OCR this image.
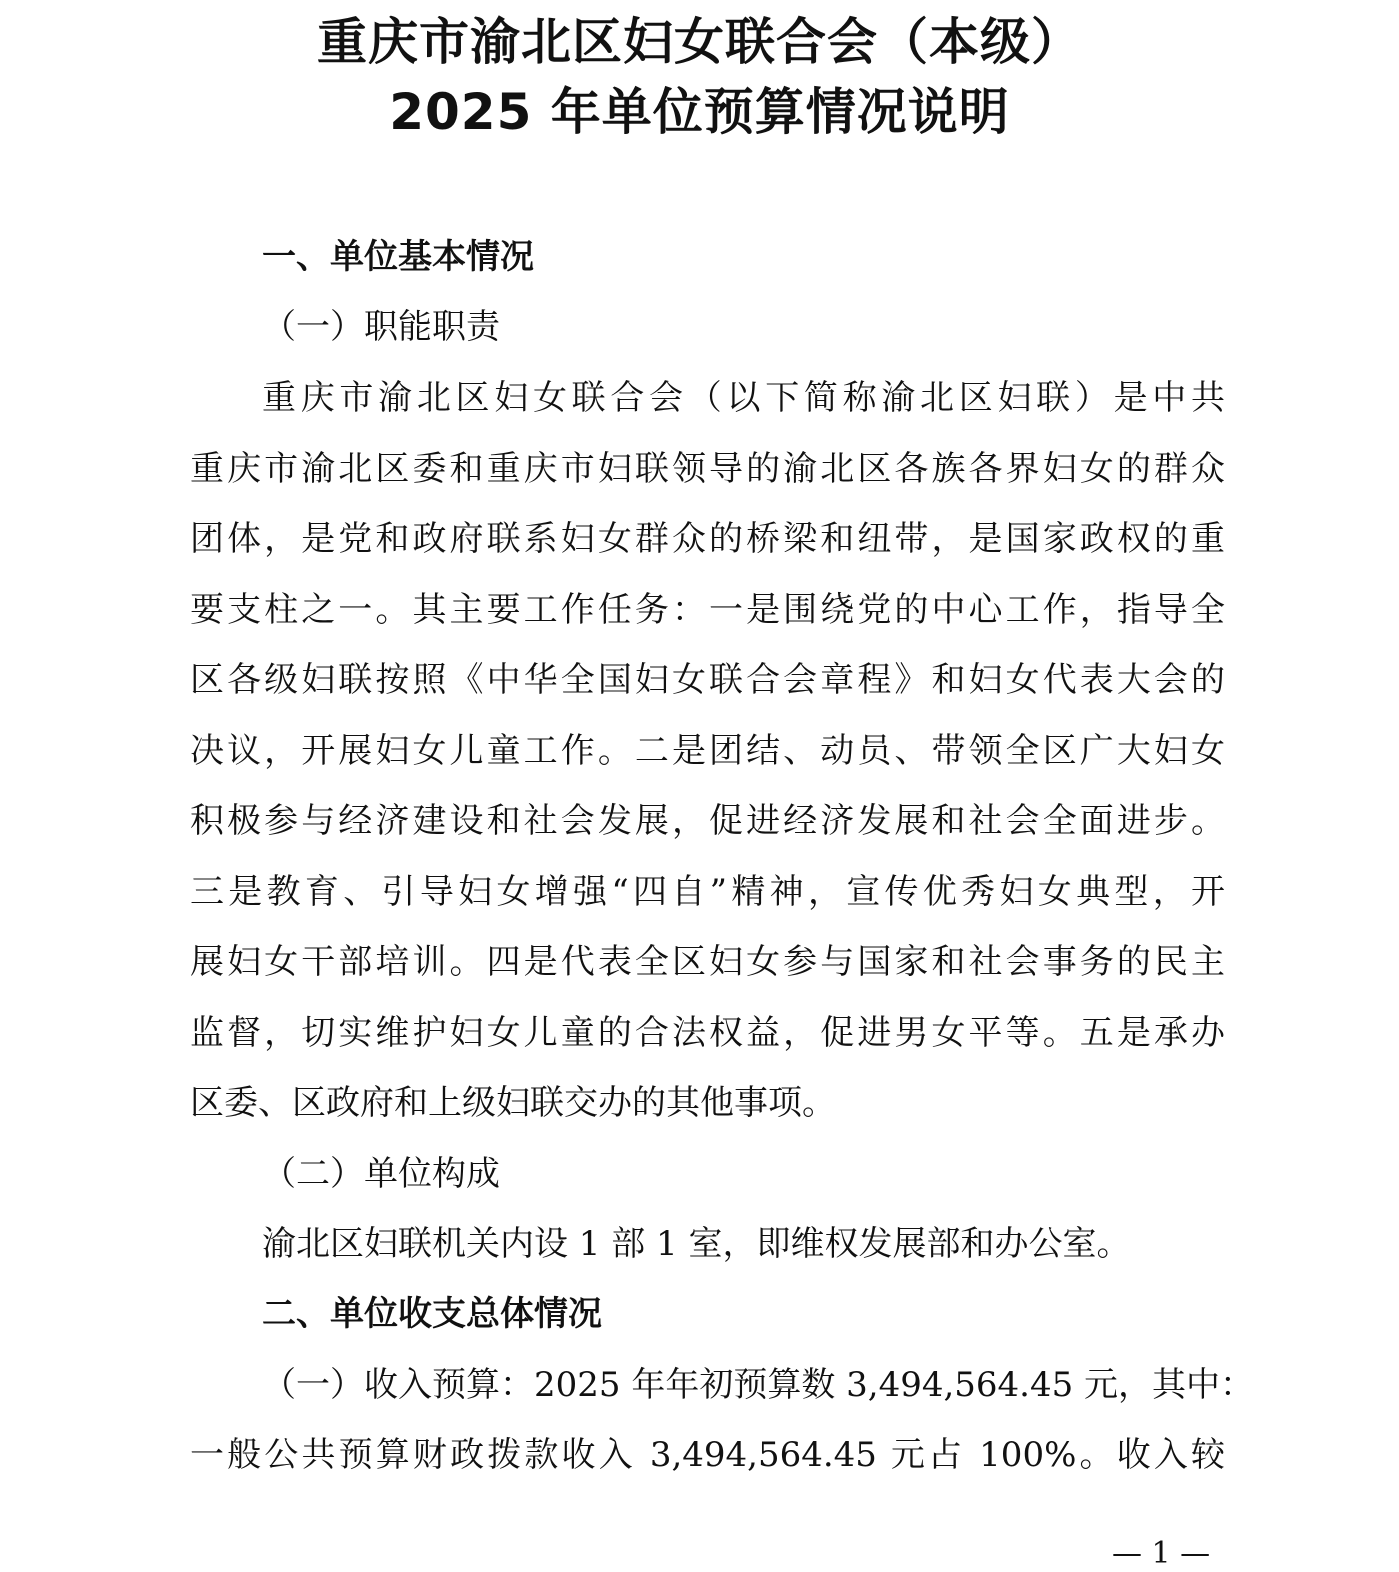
重庆市渝北区妇女联合会（本级）
2025 年单位预算情况说明
一、单位基本情况
（一）职能职责
重庆市渝北区妇女联合会（以下简称渝北区妇联）是中共
重庆市渝北区委和重庆市妇联领导的渝北区各族各界妇女的群众
团体，是党和政府联系妇女群众的桥梁和纽带，是国家政权的重
要支柱之一。其主要工作任务：一是围绕党的中心工作，指导全
区各级妇联按照《中华全国妇女联合会章程》和妇女代表大会的
决议，开展妇女儿童工作。二是团结、动员、带领全区广大妇女
积极参与经济建设和社会发展，促进经济发展和社会全面进步。
三是教育、引导妇女增强“四自”精神，宣传优秀妇女典型，开
展妇女干部培训。四是代表全区妇女参与国家和社会事务的民主
监督，切实维护妇女儿童的合法权益，促进男女平等。五是承办
区委、区政府和上级妇联交办的其他事项。
（二）单位构成
渝北区妇联机关内设 1 部 1 室，即维权发展部和办公室。
二、单位收支总体情况
（一）收入预算：2025 年年初预算数 3,494,564.45 元，其中：
一般公共预算财政拨款收入 3,494,564.45 元占 100%。收入较
— 1 —
